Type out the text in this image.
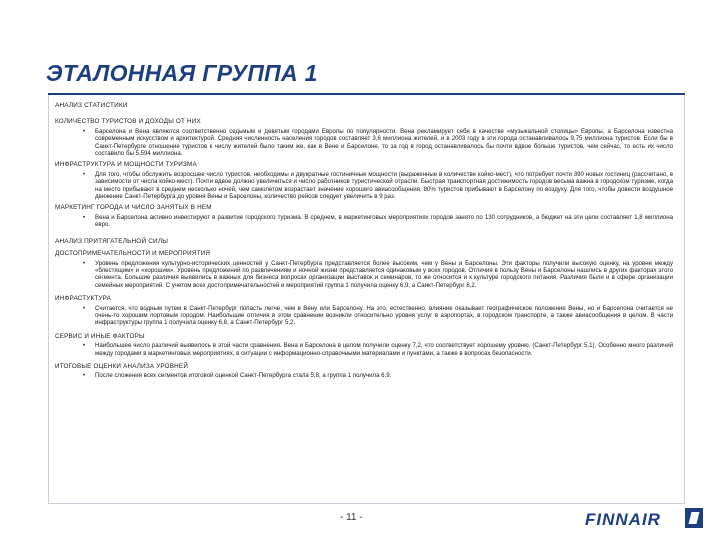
ЭТАЛОННАЯ ГРУППА 1
АНАЛИЗ СТАТИСТИКИ
КОЛИЧЕСТВО ТУРИСТОВ И ДОХОДЫ ОТ НИХ
•	Барселона и Вена являются соответственно седьмым и девятым городами Европы по популярности. Вена рекламирует себя в качестве «музыкальной столицы» Европы, а Барселона известна современным искусством и архитектурой. Средняя численность населения городов составляет 3,6 миллиона жителей, и в 2003 году в эти города останавливалось 9,75 миллиона туристов. Если бы в Санкт-Петербурге отношение туристов к числу жителей было таким же, как в Вене и Барселоне, то за год в город останавливалось бы почти вдвое больше туристов, чем сейчас, то есть их число составило бы 5,594 миллиона.
ИНФРАСТРУКТУРА И МОЩНОСТИ ТУРИЗМА
•	Для того, чтобы обслужить возросшее число туристов, необходимы и двукратные гостиничные мощности (выраженные в количестве койко-мест), что потребует почти 390 новых гостиниц (рассчитано, в зависимости от числа койко-мест). Почти вдвое должно увеличиться и число работников туристической отрасли. Быстрая транспортная достижимость городов весьма важна в городском туризме, когда на место прибывают в среднем несколько ночей, чем самолетом возрастает значение хорошего авиасообщения. 80% туристов прибывают в Барселону по воздуху. Для того, чтобы довести воздушное движение Санкт-Петербурга до уровня Вены и Барселоны, количество рейсов следует увеличить в 9 раз.
МАРКЕТИНГ ГОРОДА И ЧИСЛО ЗАНЯТЫХ В НЕМ
•	Вена и Барселона активно инвестируют в развитие городского туризма. В среднем, в маркетинговых мероприятиях городов занято по 130 сотрудников, а бюджет на эти цели составляет 1,8 миллиона евро.
АНАЛИЗ ПРИТЯГАТЕЛЬНОЙ СИЛЫ
ДОСТОПРИМЕЧАТЕЛЬНОСТИ И МЕРОПРИЯТИЯ
•	Уровень предложения культурно-исторических ценностей у Санкт-Петербурга представляется более высоким, чем у Вены и Барселоны. Эти факторы получили высокую оценку, на уровне между «блестящим» и «хорошим». Уровень предложений по развлечениям и ночной жизни представляется одинаковым у всех городов. Отличия в пользу Вены и Барселоны нашлись в других факторах этого сегмента. Большие различия выявились в важных для бизнеса вопросах организации выставок и семинаров, то же относится и к культуре городского питания. Различия были и в сфере организации семейных мероприятий. С учетом всех достопримечательностей и мероприятий группа 1 получила оценку 6,9, а Санкт-Петербург 6,2.
ИНФРАСТУКТУРА
•	Считается, что водным путем в Санкт-Петербург попасть легче, чем в Вену или Барселону. На это, естественно, влияние оказывает географическое положение Вены, но и Барселона считается не очень-то хорошим портовым городом. Наибольшие отличия в этом сравнении возникли относительно уровня услуг в аэропортах, в городском транспорте, а также авиасообщения в целом. В части инфраструктуры группа 1 получила оценку 6,8, а Санкт-Петербург 5,2.
СЕРВИС И ИНЫЕ ФАКТОРЫ
•	Наибольшее число различий выявилось в этой части сравнения. Вена и Барселона в целом получили оценку 7,2, что соответствует хорошему уровню. (Санкт-Петербург 5,1). Особенно много различий между городами в маркетинговых мероприятиях, в ситуации с информационно-справочными материалами и пунктами, а также в вопросах безопасности.
ИТОГОВЫЕ ОЦЕНКИ АНАЛИЗА УРОВНЕЙ
•	После сложения всех сегментов итоговой оценкой Санкт-Петербурга стала 5,8, а группа 1 получила 6,9.
- 11 -	FINNAIR
